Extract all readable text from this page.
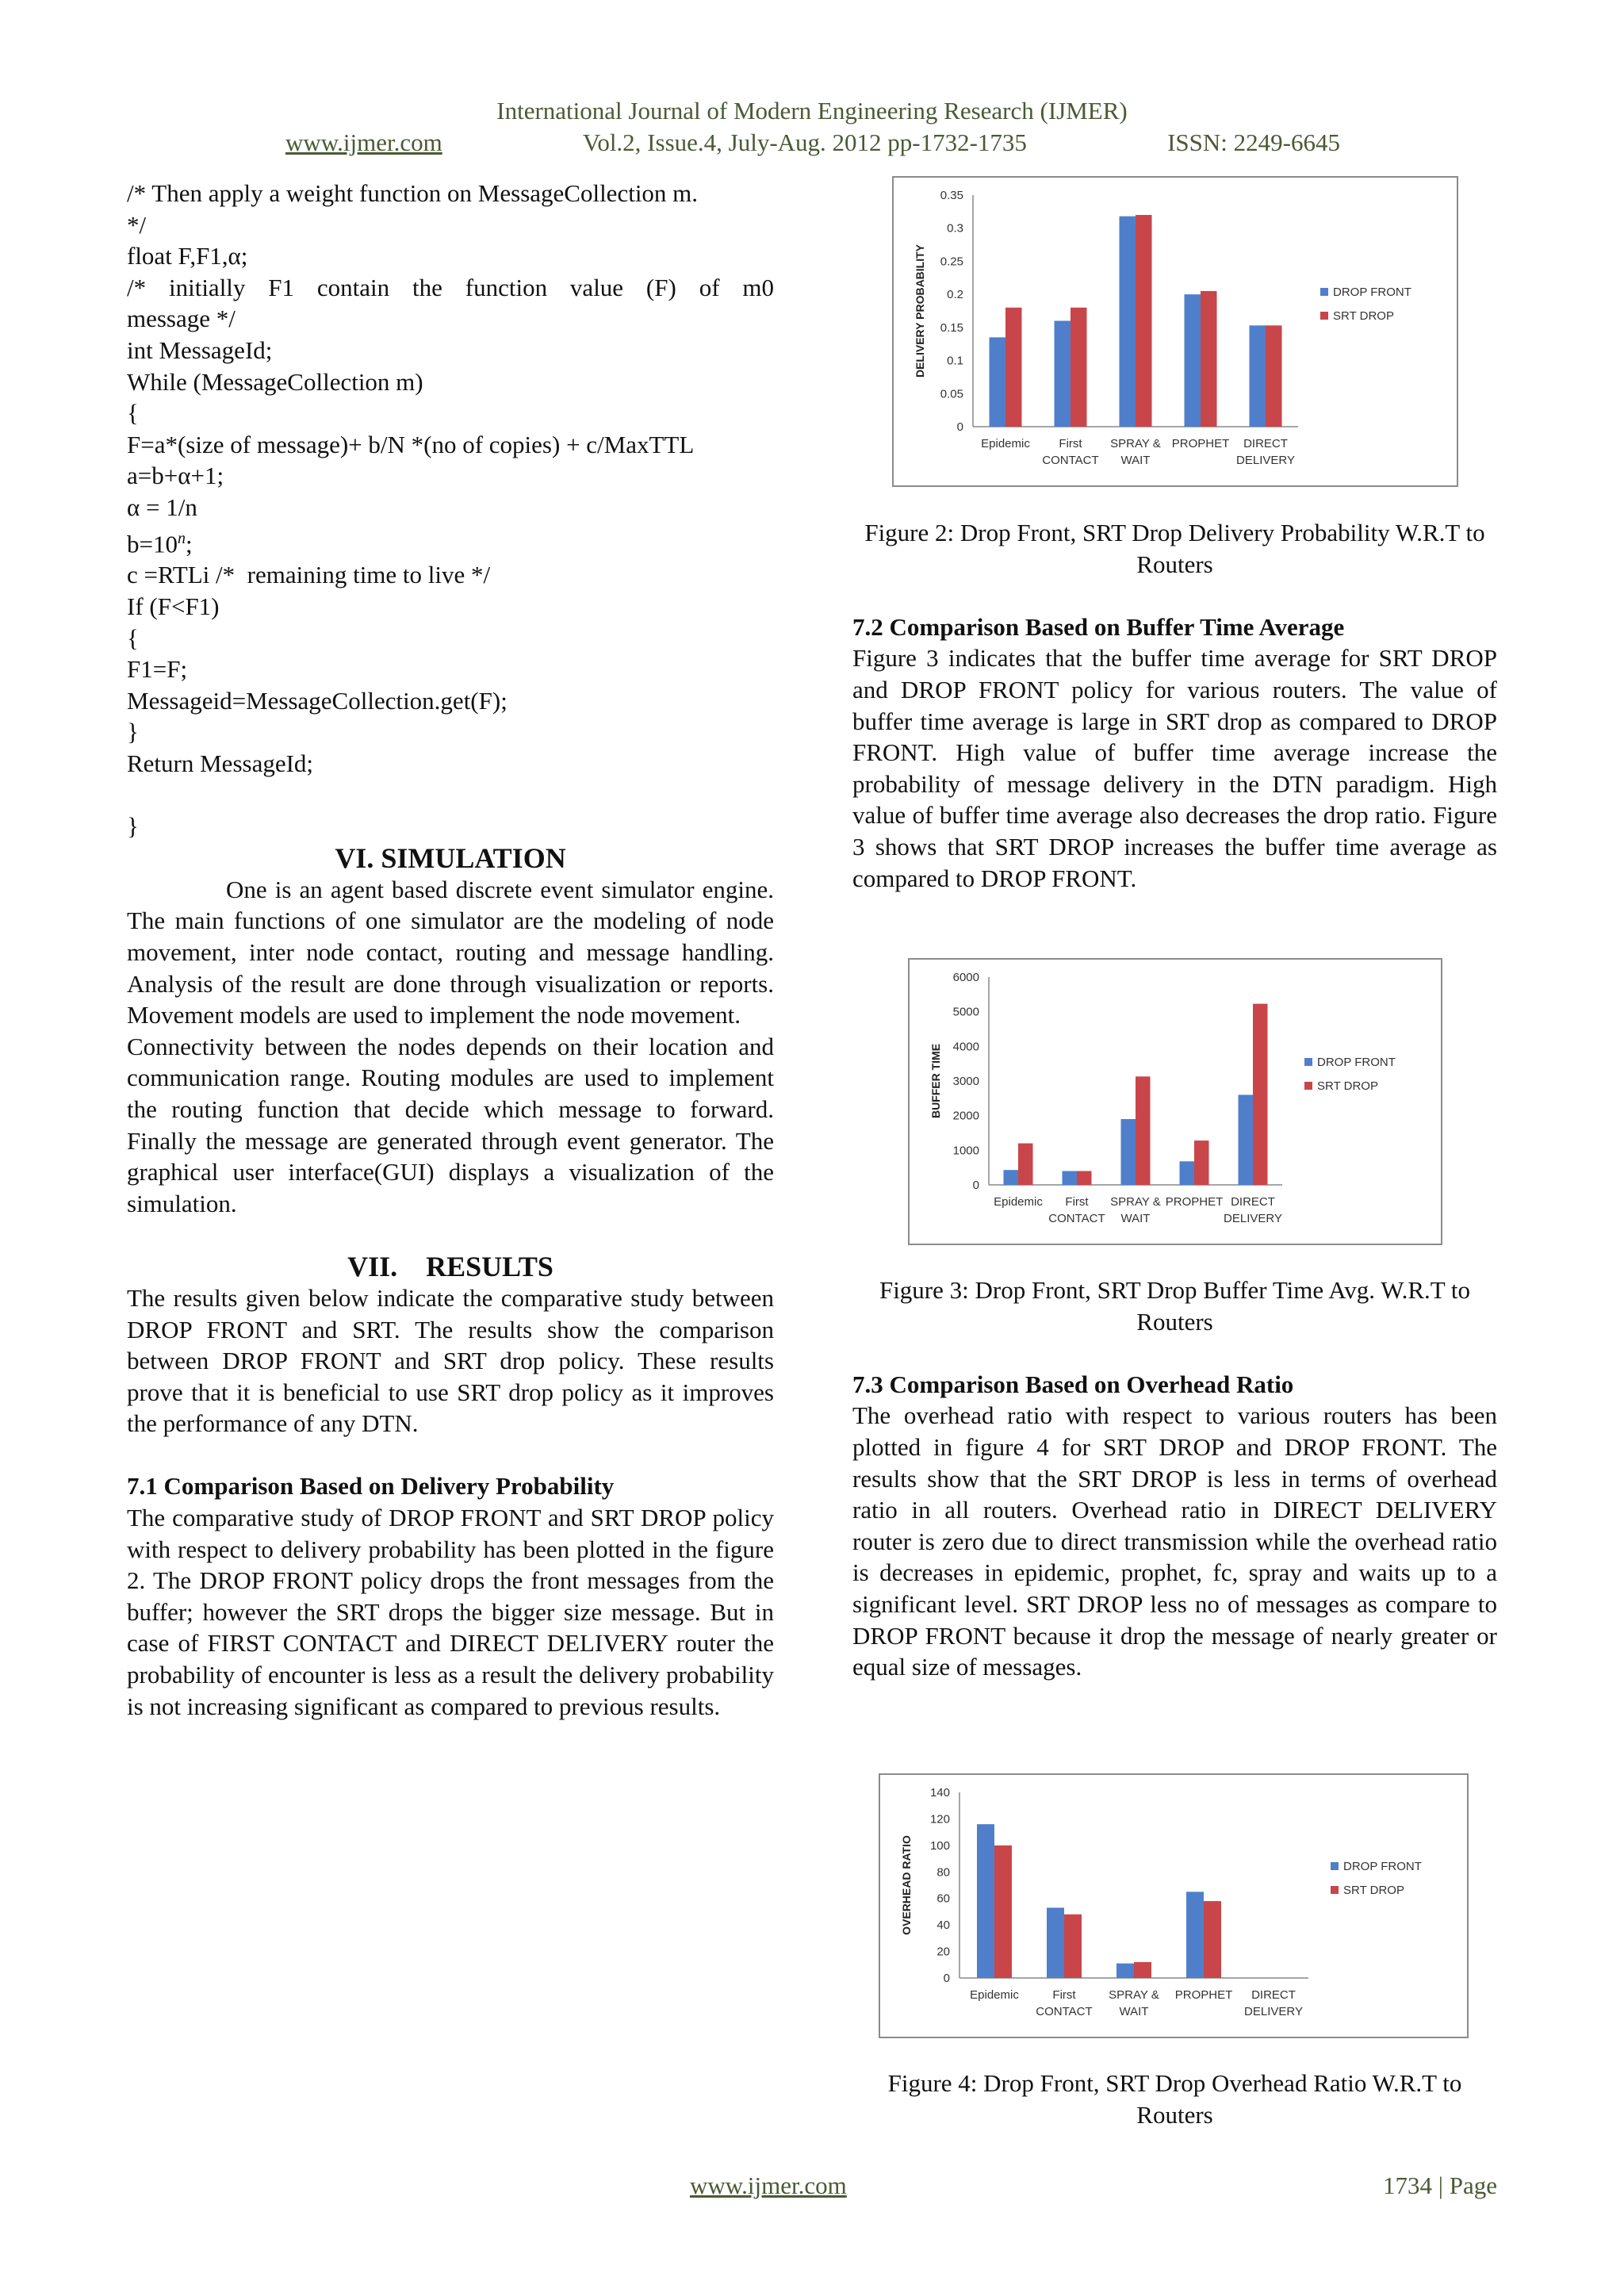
International Journal of Modern Engineering Research (IJMER)
www.ijmer.com	Vol.2, Issue.4, July-Aug. 2012 pp-1732-1735	ISSN: 2249-6645

/* Then apply a weight function on MessageCollection m.

*/

float F,F1,α;

/* initially F1 contain the function value (F) of m0

message */

int MessageId;

While (MessageCollection m)

{

F=a*(size of message)+ b/N *(no of copies) + c/MaxTTL

a=b+α+1;

α = 1/n

$b=10^n$;

c =RTLi /*  remaining time to live */

If (F<F1)

{

F1=F;

Messageid=MessageCollection.get(F);

}

Return MessageId;

}

VI. SIMULATION

One is an agent based discrete event simulator engine. The main functions of one simulator are the modeling of node movement, inter node contact, routing and message handling. Analysis of the result are done through visualization or reports. Movement models are used to implement the node movement.

Connectivity between the nodes depends on their location and communication range. Routing modules are used to implement the routing function that decide which message to forward. Finally the message are generated through event generator. The graphical user interface(GUI) displays a visualization of the simulation.

VII.    RESULTS

The results given below indicate the comparative study between DROP FRONT and SRT. The results show the comparison between DROP FRONT and SRT drop policy. These results prove that it is beneficial to use SRT drop policy as it improves the performance of any DTN.

7.1 Comparison Based on Delivery Probability

The comparative study of DROP FRONT and SRT DROP policy with respect to delivery probability has been plotted in the figure 2. The DROP FRONT policy drops the front messages from the buffer; however the SRT drops the bigger size message. But in case of FIRST CONTACT and DIRECT DELIVERY router the probability of encounter is less as a result the delivery probability is not increasing significant as compared to previous results.

0
0.05
0.1
0.15
0.2
0.25
0.3
0.35
DELIVERY PROBABILITY
Epidemic First
CONTACT
SPRAY &
WAIT
PROPHET DIRECT
DELIVERY
DROP FRONT
SRT DROP

Figure 2: Drop Front, SRT Drop Delivery Probability W.R.T to Routers

7.2 Comparison Based on Buffer Time Average

Figure 3 indicates that the buffer time average for SRT DROP and DROP FRONT policy for various routers. The value of buffer time average is large in SRT drop as compared to DROP FRONT. High value of buffer time average increase the probability of message delivery in the DTN paradigm. High value of buffer time average also decreases the drop ratio. Figure 3 shows that SRT DROP increases the buffer time average as compared to DROP FRONT.

0
1000
2000
3000
4000
5000
6000
BUFFER TIME
Epidemic First
CONTACT
SPRAY &
WAIT
PROPHET DIRECT
DELIVERY
DROP FRONT
SRT DROP

Figure 3: Drop Front, SRT Drop Buffer Time Avg. W.R.T to Routers

7.3 Comparison Based on Overhead Ratio

The overhead ratio with respect to various routers has been plotted in figure 4 for SRT DROP and DROP FRONT. The results show that the SRT DROP is less in terms of overhead ratio in all routers. Overhead ratio in DIRECT DELIVERY router is zero due to direct transmission while the overhead ratio is decreases in epidemic, prophet, fc, spray and waits up to a significant level. SRT DROP less no of messages as compare to DROP FRONT because it drop the message of nearly greater or equal size of messages.

0
20
40
60
80
100
120
140
OVERHEAD RATIO
Epidemic	First
CONTACT
SPRAY &
WAIT
PROPHET DIRECT
DELIVERY
DROP FRONT
SRT DROP

Figure 4: Drop Front, SRT Drop Overhead Ratio W.R.T to Routers

www.ijmer.com	1734 | Page
